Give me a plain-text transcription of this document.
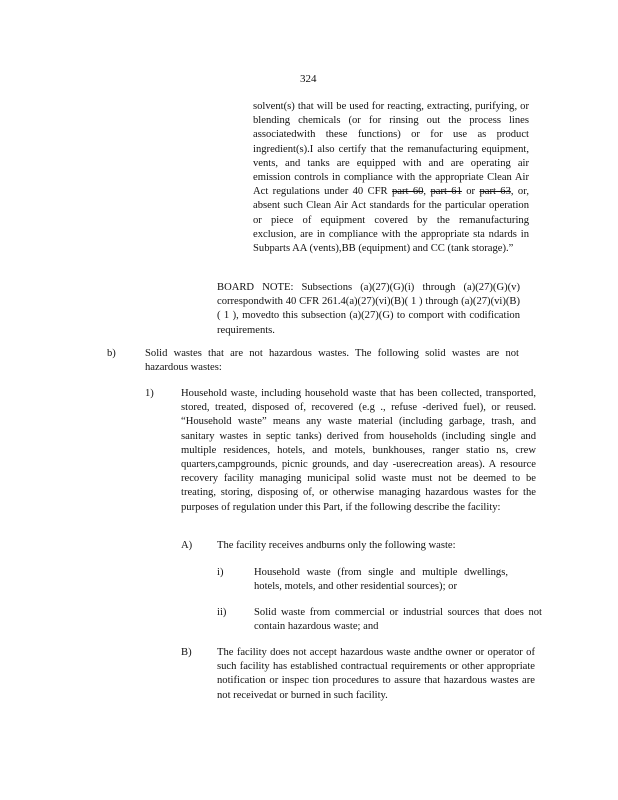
324

solvent(s) that will be used for reacting, extracting, purifying, or blending chemicals (or for rinsing out the process lines associatedwith these functions) or for use as product ingredient(s).I also certify that the remanufacturing equipment, vents, and tanks are equipped with and are operating air emission controls in compliance with the appropriate Clean Air Act regulations under 40 CFR part 60, part 61 or part 63, or, absent such Clean Air Act standards for the particular operation or piece of equipment covered by the remanufacturing exclusion, are in compliance with the appropriate sta ndards in Subparts AA (vents),BB (equipment) and CC (tank storage).”

BOARD NOTE: Subsections (a)(27)(G)(i) through (a)(27)(G)(v) correspondwith 40 CFR 261.4(a)(27)(vi)(B)( 1 ) through (a)(27)(vi)(B)( 1 ), movedto this subsection (a)(27)(G) to comport with codification requirements.

b)	Solid wastes that are not hazardous wastes. The following solid wastes are not hazardous wastes:

1)	Household waste, including household waste that has been collected, transported, stored, treated, disposed of, recovered (e.g ., refuse -derived fuel), or reused. “Household waste” means any waste material (including garbage, trash, and sanitary wastes in septic tanks) derived from households (including single and multiple residences, hotels, and motels, bunkhouses, ranger statio ns, crew quarters,campgrounds, picnic grounds, and day -userecreation areas). A resource recovery facility managing municipal solid waste must not be deemed to be treating, storing, disposing of, or otherwise managing hazardous wastes for the purposes of regulation under this Part, if the following describe the facility:

A) The facility receives andburns only the following waste:

i)	Household waste (from single and multiple dwellings, hotels, motels, and other residential sources); or

ii)	Solid waste from commercial or industrial sources that does not contain hazardous waste; and

B) The facility does not accept hazardous waste andthe owner or operator of such facility has established contractual requirements or other appropriate notification or inspec tion procedures to assure that hazardous wastes are not receivedat or burned in such facility.
